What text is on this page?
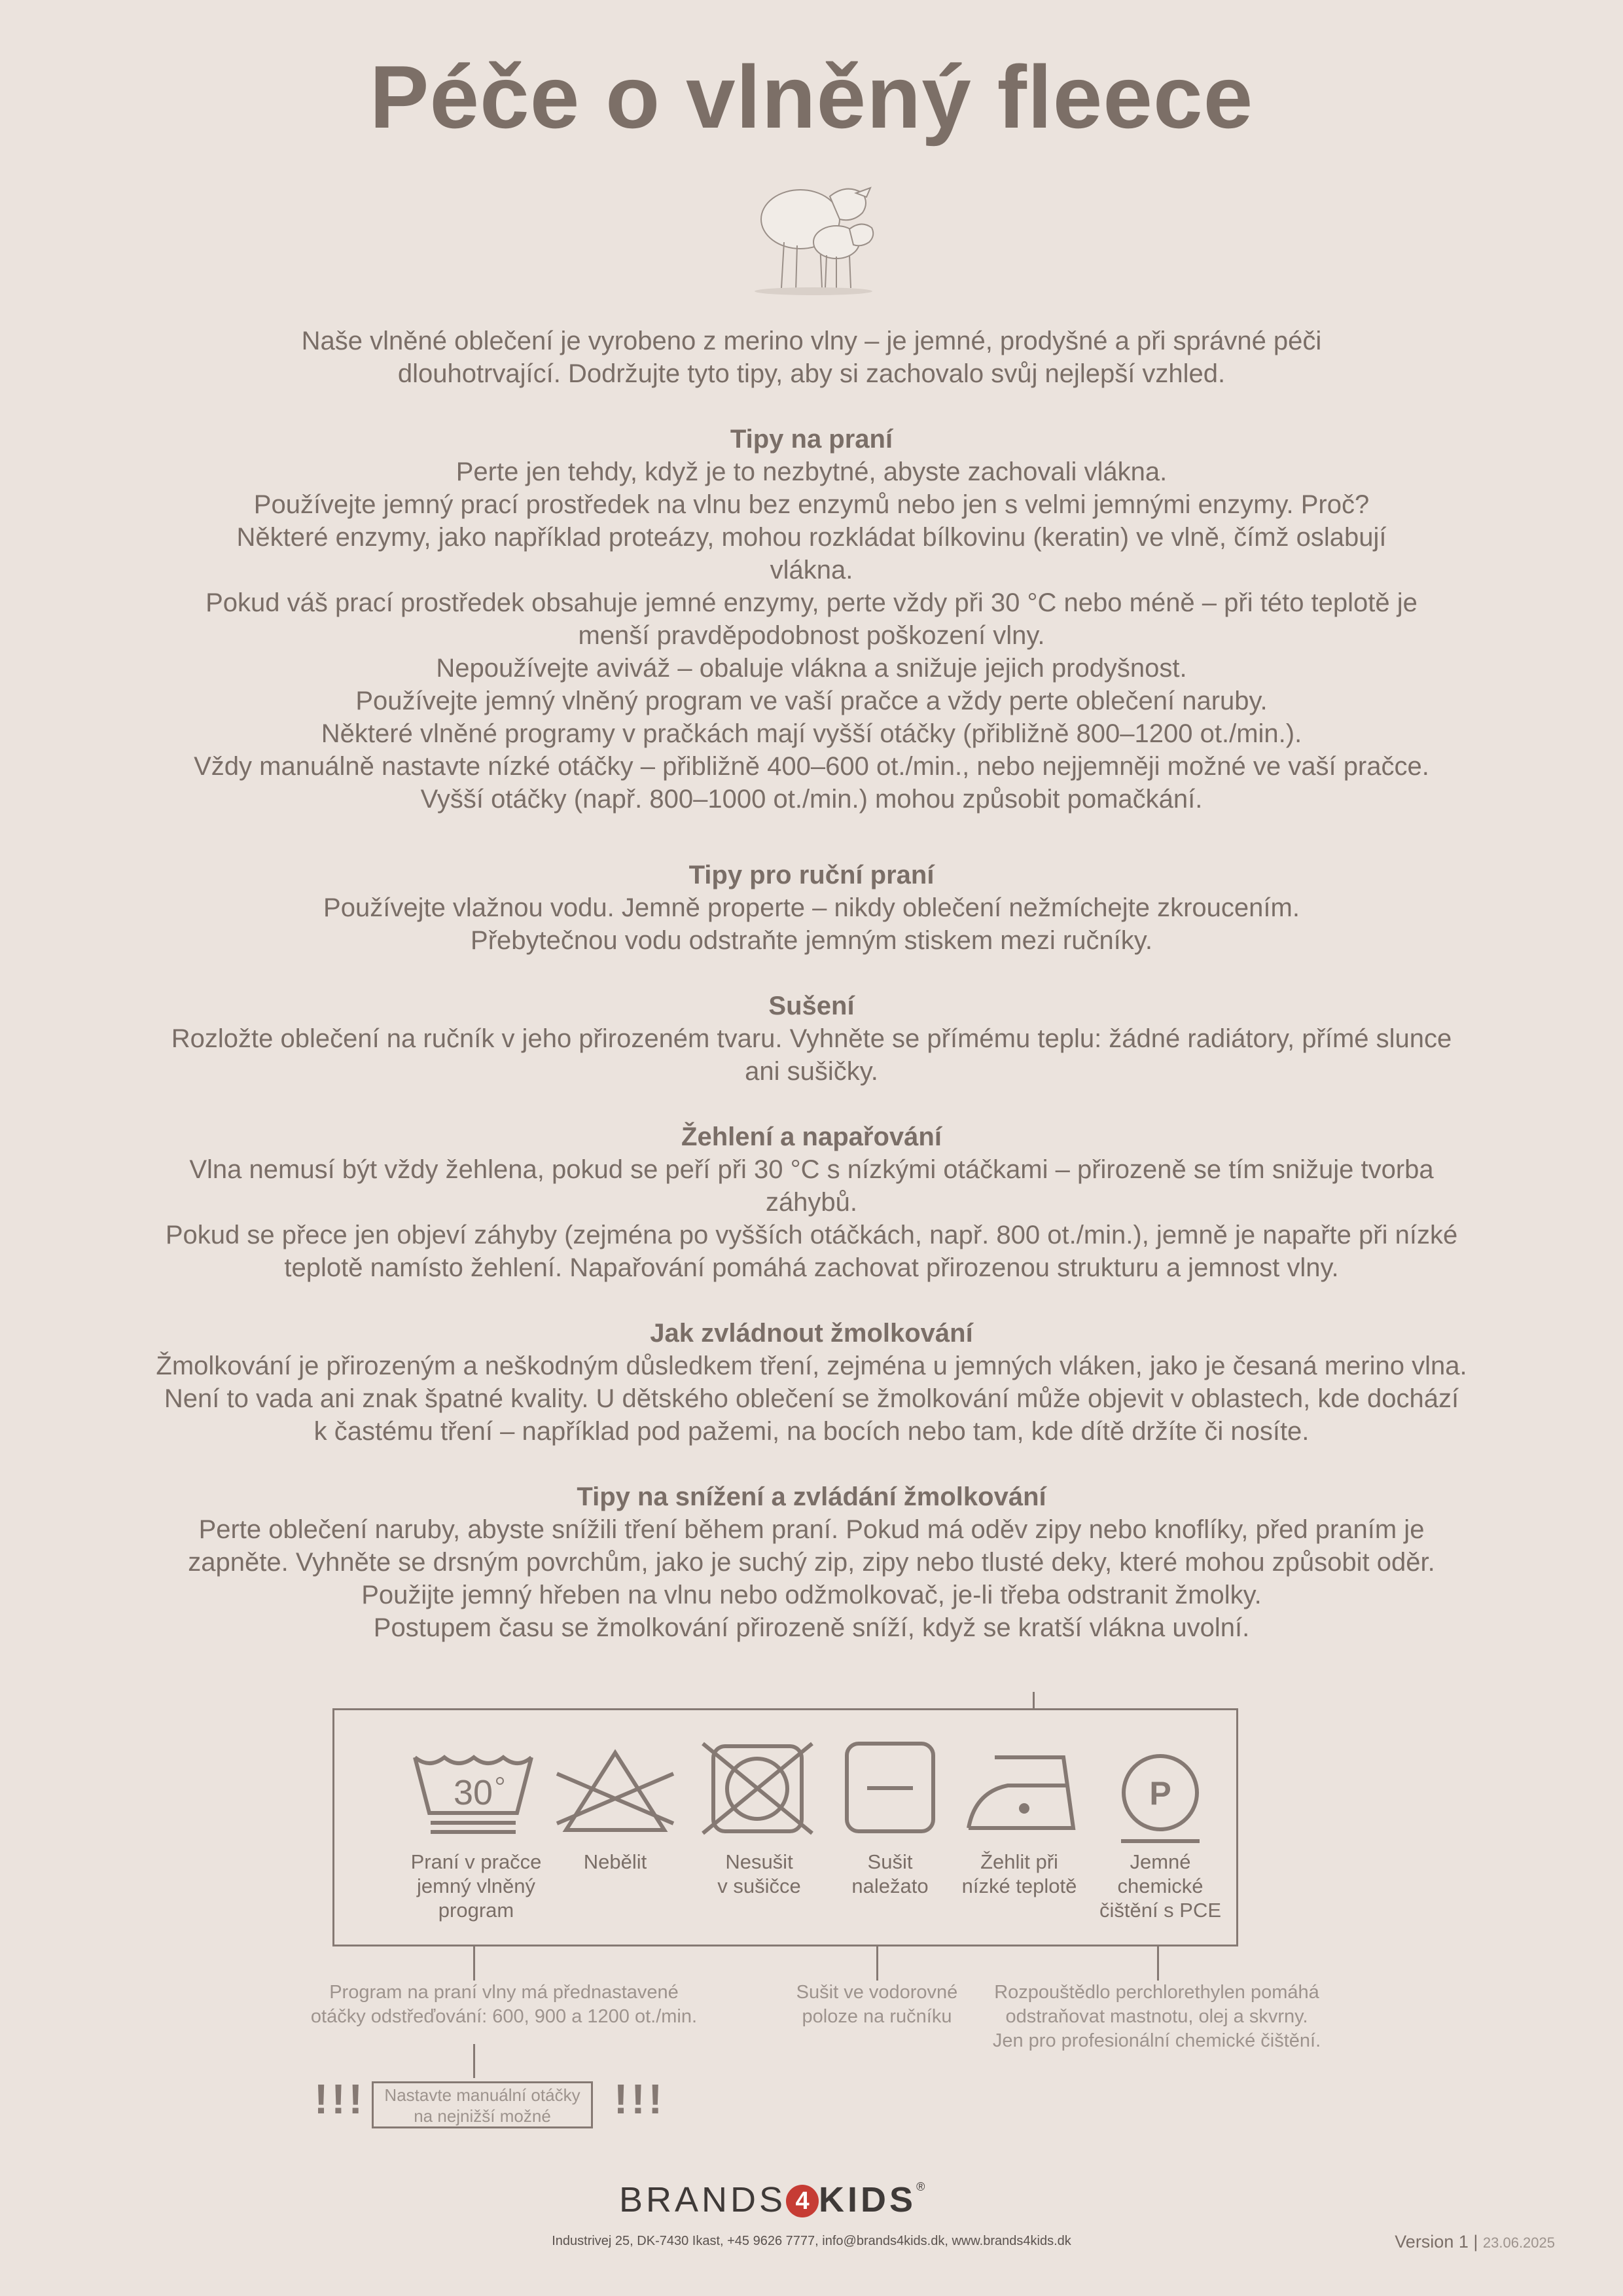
Péče o vlněný fleece

Naše vlněné oblečení je vyrobeno z merino vlny – je jemné, prodyšné a při správné péči

dlouhotrvající. Dodržujte tyto tipy, aby si zachovalo svůj nejlepší vzhled.

Tipy na praní

Perte jen tehdy, když je to nezbytné, abyste zachovali vlákna.

Používejte jemný prací prostředek na vlnu bez enzymů nebo jen s velmi jemnými enzymy. Proč?

Některé enzymy, jako například proteázy, mohou rozkládat bílkovinu (keratin) ve vlně, čímž oslabují

vlákna.

Pokud váš prací prostředek obsahuje jemné enzymy, perte vždy při 30 °C nebo méně – při této teplotě je

menší pravděpodobnost poškození vlny.

Nepoužívejte aviváž – obaluje vlákna a snižuje jejich prodyšnost.

Používejte jemný vlněný program ve vaší pračce a vždy perte oblečení naruby.

Některé vlněné programy v pračkách mají vyšší otáčky (přibližně 800–1200 ot./min.).

Vždy manuálně nastavte nízké otáčky – přibližně 400–600 ot./min., nebo nejjemněji možné ve vaší pračce.

Vyšší otáčky (např. 800–1000 ot./min.) mohou způsobit pomačkání.

Tipy pro ruční praní

Používejte vlažnou vodu. Jemně properte – nikdy oblečení nežmíchejte zkroucením.

Přebytečnou vodu odstraňte jemným stiskem mezi ručníky.

Sušení

Rozložte oblečení na ručník v jeho přirozeném tvaru. Vyhněte se přímému teplu: žádné radiátory, přímé slunce

ani sušičky.

Žehlení a napařování

Vlna nemusí být vždy žehlena, pokud se peří při 30 °C s nízkými otáčkami – přirozeně se tím snižuje tvorba

záhybů.

Pokud se přece jen objeví záhyby (zejména po vyšších otáčkách, např. 800 ot./min.), jemně je napařte při nízké

teplotě namísto žehlení. Napařování pomáhá zachovat přirozenou strukturu a jemnost vlny.

Jak zvládnout žmolkování

Žmolkování je přirozeným a neškodným důsledkem tření, zejména u jemných vláken, jako je česaná merino vlna.

Není to vada ani znak špatné kvality. U dětského oblečení se žmolkování může objevit v oblastech, kde dochází

k častému tření – například pod pažemi, na bocích nebo tam, kde dítě držíte či nosíte.

Tipy na snížení a zvládání žmolkování

Perte oblečení naruby, abyste snížili tření během praní. Pokud má oděv zipy nebo knoflíky, před praním je

zapněte. Vyhněte se drsným povrchům, jako je suchý zip, zipy nebo tlusté deky, které mohou způsobit oděr.

Použijte jemný hřeben na vlnu nebo odžmolkovač, je-li třeba odstranit žmolky.

Postupem času se žmolkování přirozeně sníží, když se kratší vlákna uvolní.

30	P
Praní v pračce
jemný vlněný
program
Nebělit	Nesušit
v sušičce
Sušit
naležato
Žehlit při
nízké teplotě
Jemné
chemické
čištění s PCE
Program na praní vlny má přednastavené
otáčky odstřeďování: 600, 900 a 1200 ot./min.
Sušit ve vodorovné
poloze na ručníku
Rozpouštědlo perchlorethylen pomáhá
odstraňovat mastnotu, olej a skvrny.
Jen pro profesionální chemické čištění.
!!!	Nastavte manuální otáčky
na nejnižší možné	!!!
BRANDS 4 KIDS®
Industrivej 25, DK-7430 Ikast, +45 9626 7777, info@brands4kids.dk, www.brands4kids.dk	Version 1 | 23.06.2025
